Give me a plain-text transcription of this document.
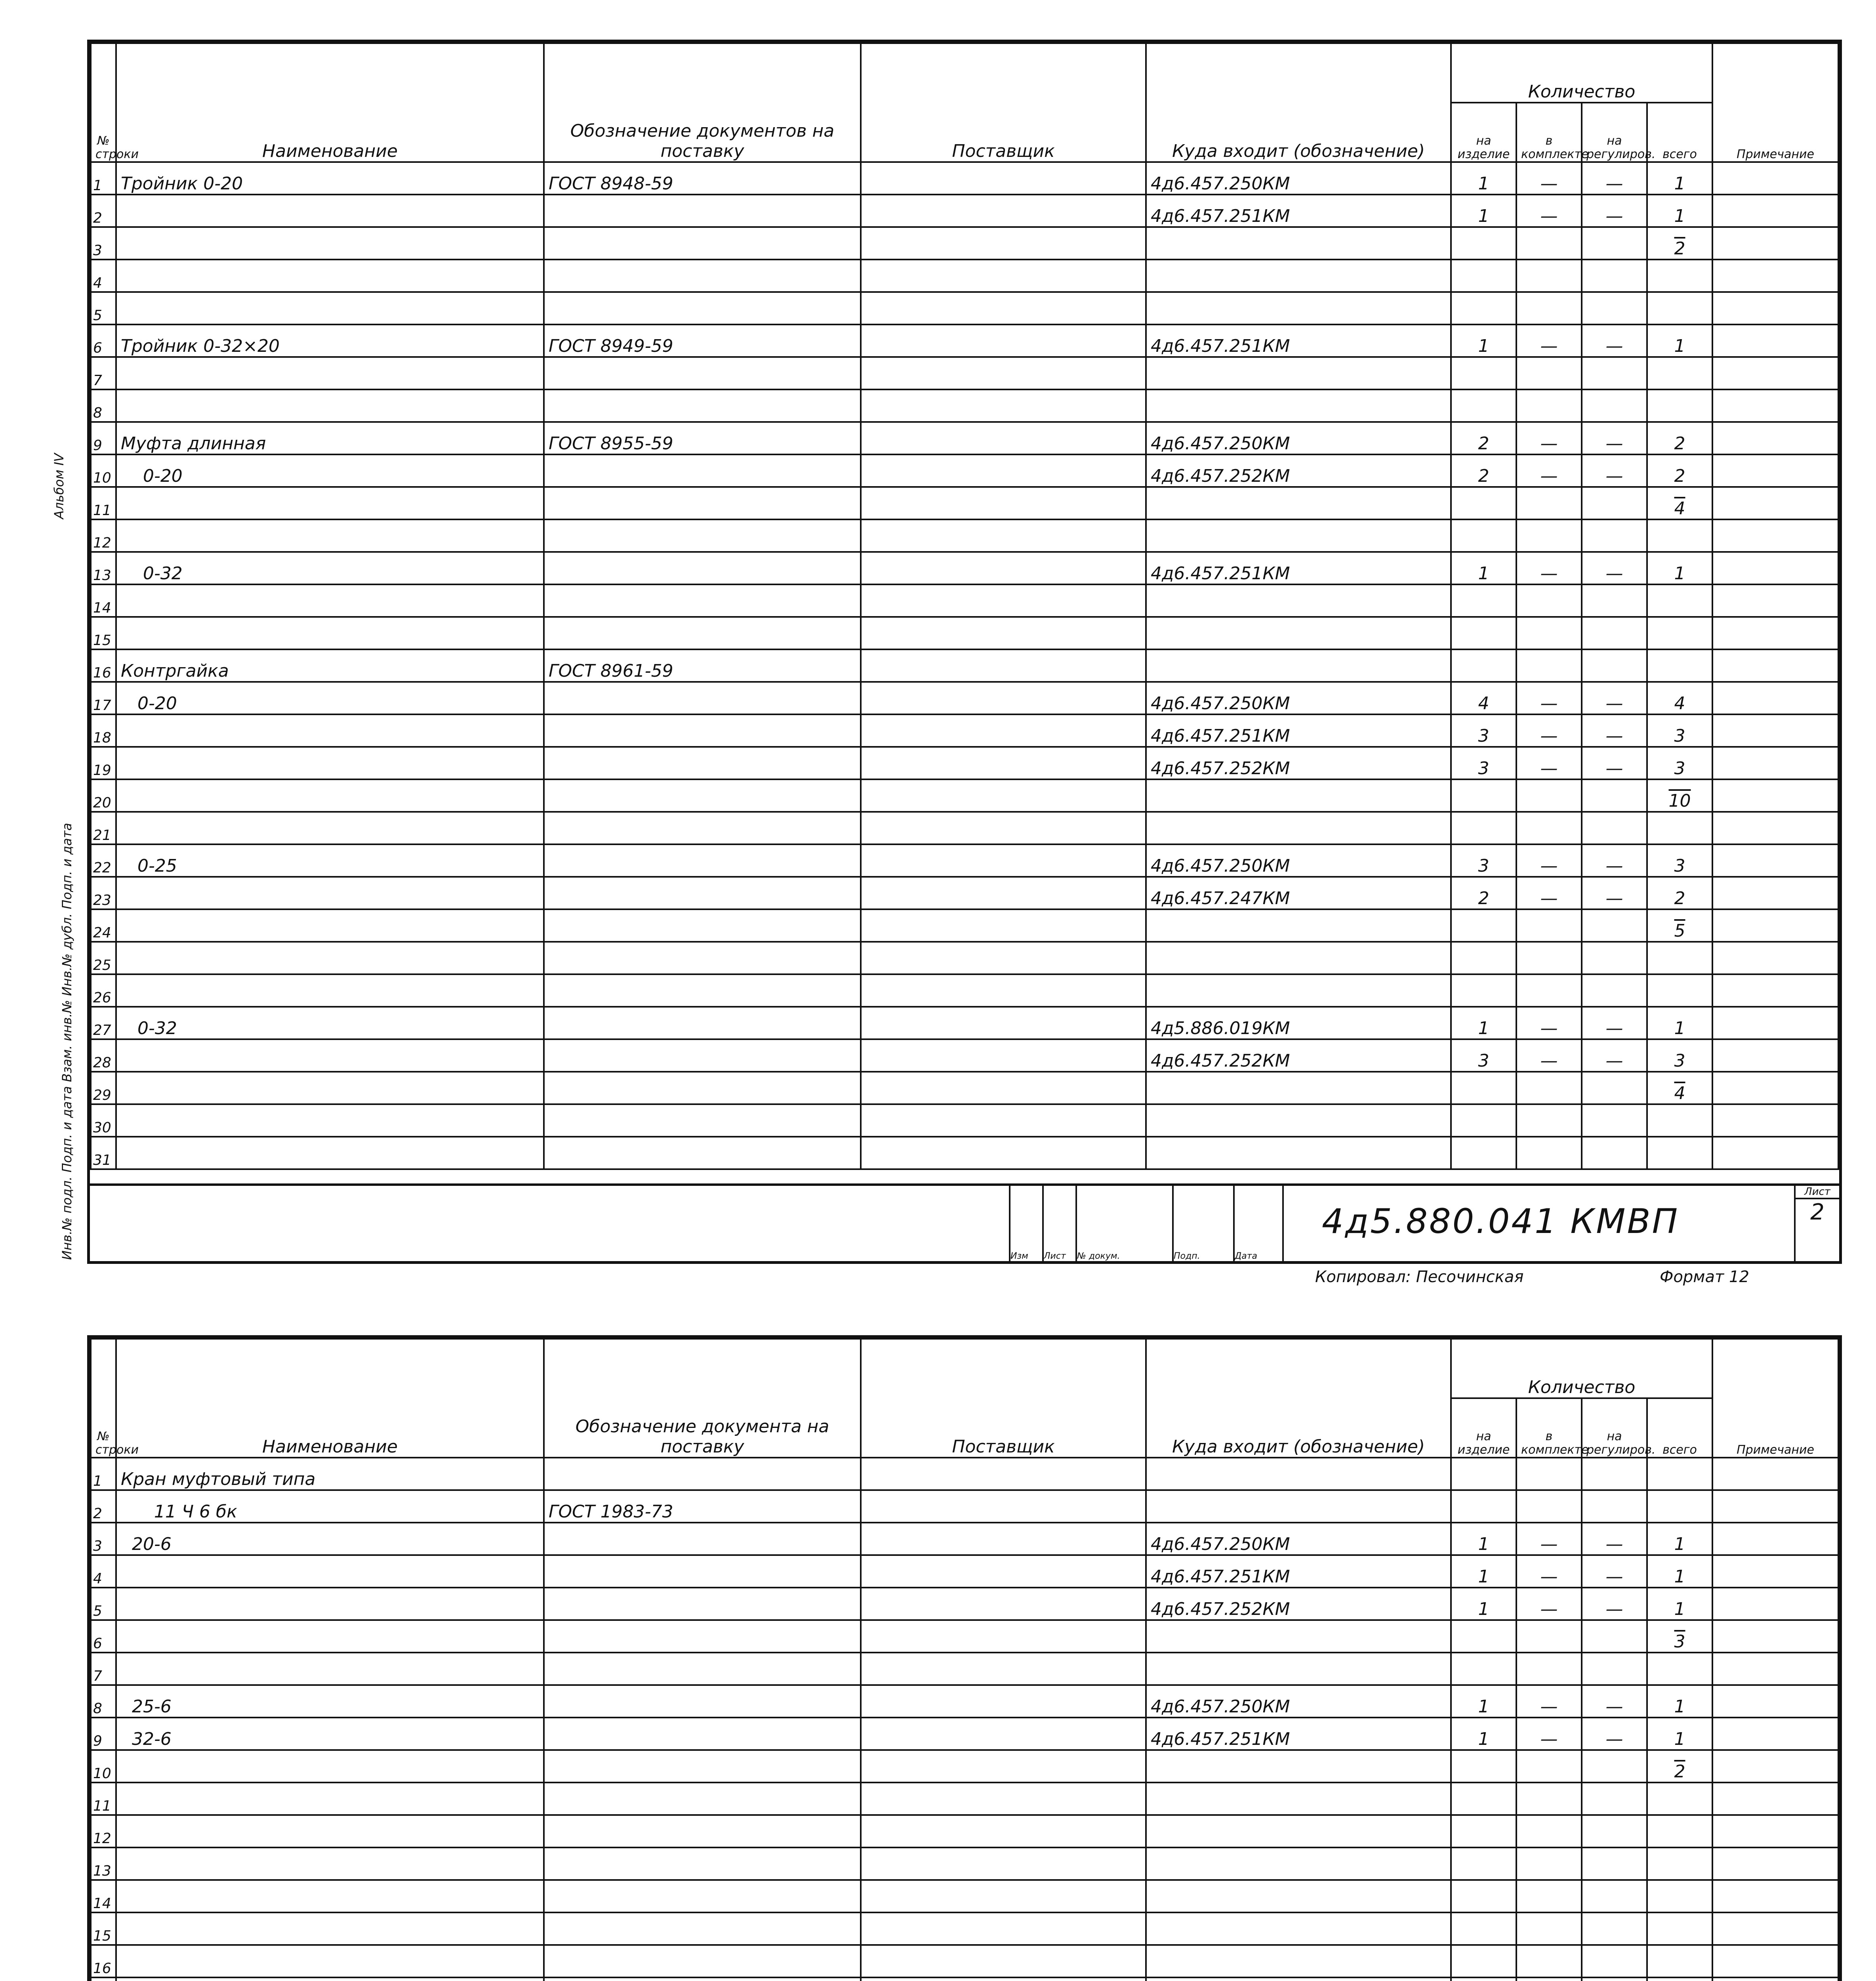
Альбом IV
Инв.№ подл. Подп. и дата Взам. инв.№ Инв.№ дубл. Подп. и дата
№ строки	Наименование	Обозначение документов на поставку	Поставщик	Куда входит (обозначение)	Количество				Примечание
					на изделие	в комплекте	на регулиров.	всего	
1	Тройник 0-20	ГОСТ 8948-59		4д6.457.250КМ	1	—	—	1	
2				4д6.457.251КМ	1	—	—	1	
3								2	
4									
5									
6	Тройник 0-32×20	ГОСТ 8949-59		4д6.457.251КМ	1	—	—	1	
7									
8									
9	Муфта длинная	ГОСТ 8955-59		4д6.457.250КМ	2	—	—	2	
10	0-20			4д6.457.252КМ	2	—	—	2	
11								4	
12									
13	0-32			4д6.457.251КМ	1	—	—	1	
14									
15									
16	Контргайка	ГОСТ 8961-59							
17	0-20			4д6.457.250КМ	4	—	—	4	
18				4д6.457.251КМ	3	—	—	3	
19				4д6.457.252КМ	3	—	—	3	
20								10	
21									
22	0-25			4д6.457.250КМ	3	—	—	3	
23				4д6.457.247КМ	2	—	—	2	
24								5	
25									
26									
27	0-32			4д5.886.019КМ	1	—	—	1	
28				4д6.457.252КМ	3	—	—	3	
29								4	
30									
31									
Изм	Лист	№ докум.	Подп.	Дата
4д5.880.041 КМВП
Лист
2
Копировал: Песочинская	Формат 12
№ строки	Наименование	Обозначение документа на поставку	Поставщик	Куда входит (обозначение)	Количество				Примечание
					на изделие	в комплекте	на регулиров.	всего	
1	Кран муфтовый типа								
2	11 Ч 6 бк	ГОСТ 1983-73							
3	20-6			4д6.457.250КМ	1	—	—	1	
4				4д6.457.251КМ	1	—	—	1	
5				4д6.457.252КМ	1	—	—	1	
6								3	
7									
8	25-6			4д6.457.250КМ	1	—	—	1	
9	32-6			4д6.457.251КМ	1	—	—	1	
10								2	
11									
12									
13									
14									
15									
16									
